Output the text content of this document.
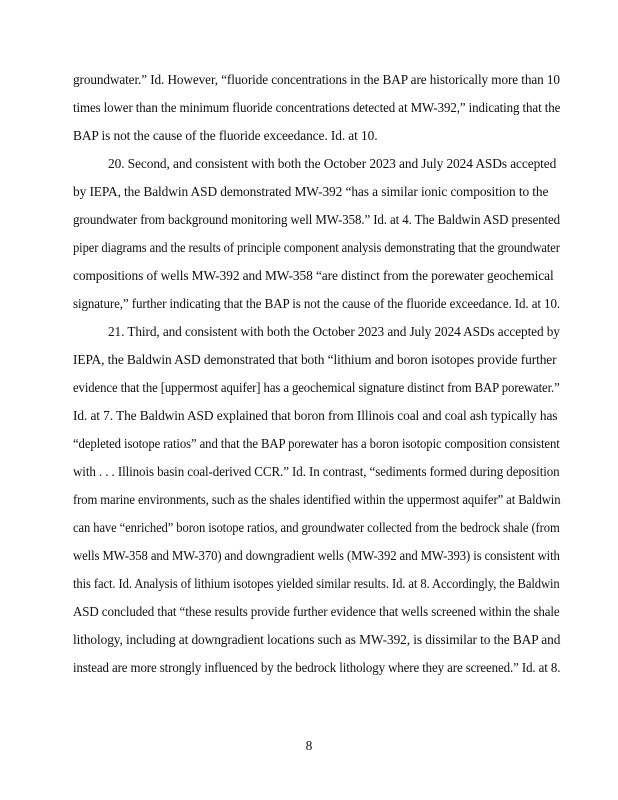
groundwater.” Id. However, “fluoride concentrations in the BAP are historically more than 10
times lower than the minimum fluoride concentrations detected at MW-392,” indicating that the
BAP is not the cause of the fluoride exceedance. Id. at 10.
20. Second, and consistent with both the October 2023 and July 2024 ASDs accepted
by IEPA, the Baldwin ASD demonstrated MW-392 “has a similar ionic composition to the
groundwater from background monitoring well MW-358.” Id. at 4. The Baldwin ASD presented
piper diagrams and the results of principle component analysis demonstrating that the groundwater
compositions of wells MW-392 and MW-358 “are distinct from the porewater geochemical
signature,” further indicating that the BAP is not the cause of the fluoride exceedance. Id. at 10.
21. Third, and consistent with both the October 2023 and July 2024 ASDs accepted by
IEPA, the Baldwin ASD demonstrated that both “lithium and boron isotopes provide further
evidence that the [uppermost aquifer] has a geochemical signature distinct from BAP porewater.”
Id. at 7. The Baldwin ASD explained that boron from Illinois coal and coal ash typically has
“depleted isotope ratios” and that the BAP porewater has a boron isotopic composition consistent
with . . . Illinois basin coal-derived CCR.” Id. In contrast, “sediments formed during deposition
from marine environments, such as the shales identified within the uppermost aquifer” at Baldwin
can have “enriched” boron isotope ratios, and groundwater collected from the bedrock shale (from
wells MW-358 and MW-370) and downgradient wells (MW-392 and MW-393) is consistent with
this fact. Id. Analysis of lithium isotopes yielded similar results. Id. at 8. Accordingly, the Baldwin
ASD concluded that “these results provide further evidence that wells screened within the shale
lithology, including at downgradient locations such as MW-392, is dissimilar to the BAP and
instead are more strongly influenced by the bedrock lithology where they are screened.” Id. at 8.
8
